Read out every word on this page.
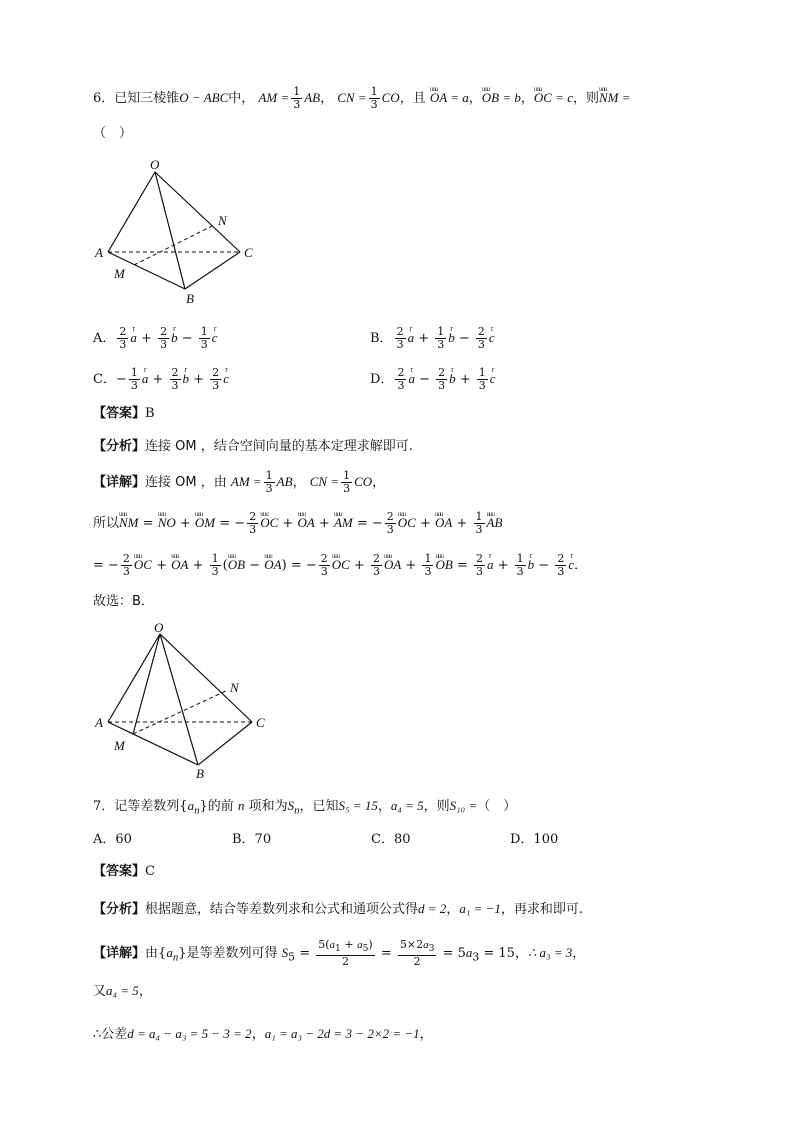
6．已知三棱锥O − ABC中， AM = $\frac{1}{3}$ AB， CN = $\frac{1}{3}$ CO，且 uuu OA = a，uuu OB = b，uuu OC = c，则uuu NM =
（　）
O
N
A	C
M
B
A． $\frac{2}{3}$ r $a + \frac{2}{3}$ r $b - \frac{1}{3}$ r c	B． $\frac{2}{3}$ r $a + \frac{1}{3}$ r $b - \frac{2}{3}$ r c
C．− $\frac{1}{3}$ r $a + \frac{2}{3}$ r $b + \frac{2}{3}$ r c	D． $\frac{2}{3}$ r $a - \frac{2}{3}$ r $b + \frac{1}{3}$ r c
【答案】B
【分析】连接 OM ，结合空间向量的基本定理求解即可.
【详解】连接 OM ，由 AM = $\frac{1}{3}$ AB， CN = $\frac{1}{3}$ CO，
所以uuu NM = uuu NO + uuu OM = − $\frac{2}{3}$ uuu OC + uuu OA + uuu AM = − $\frac{2}{3}$ uuu OC + uuu OA + $\frac{1}{3}$ uuu AB
= − $\frac{2}{3}$ uuu OC + uuu OA + $\frac{1}{3} (uuu$ OB − uuu OA) = − $\frac{2}{3}$ uuu OC + $\frac{2}{3}$ uuu OA + $\frac{1}{3}$ uuu OB = $\frac{2}{3}$ r $a + \frac{1}{3}$ r $b - \frac{2}{3}$ r c．
故选：B．
O
N
A	C
M
B
7．记等差数列$\{a_n\}$的前 n 项和为$S_n$，已知S₅ = 15，a₄ = 5，则S₁₀ =（　）
A．60	B．70	C．80	D．100
【答案】C
【分析】根据题意，结合等差数列求和公式和通项公式得d = 2，a₁ = −1，再求和即可.
【详解】由$\{a_n\}$是等差数列可得 $S_5 = \frac{5(a_1 + a_5)}{2} = \frac{5\times 2a_3}{2} = 5a_3 = 15$，∴ a₃ = 3，
又a₄ = 5，
∴公差d = a₄ − a₃ = 5 − 3 = 2，a₁ = a₃ − 2d = 3 − 2×2 = −1，
